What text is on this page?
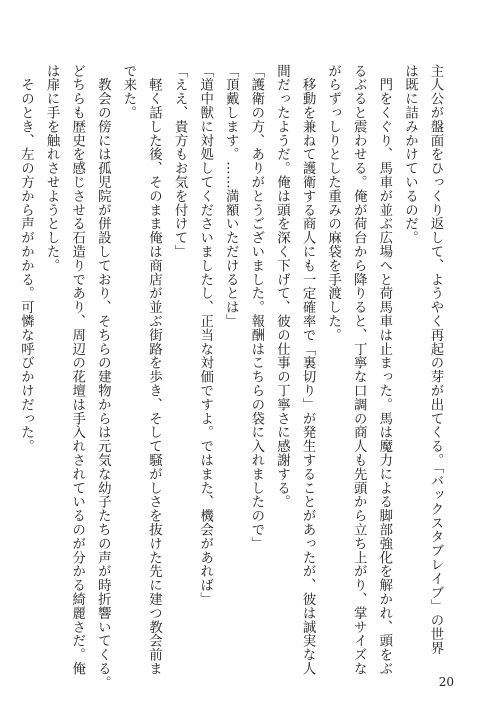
主人公が盤面をひっくり返して、ようやく再起の芽が出てくる。「バックスタブレイブ」の世界

は既に詰みかけているのだ。

　門をくぐり、馬車が並ぶ広場へと荷馬車は止まった。馬は魔力による脚部強化を解かれ、頭をぶ

るぶると震わせる。俺が荷台から降りると、丁寧な口調の商人も先頭から立ち上がり、掌サイズな

がらずっしりとした重みの麻袋を手渡した。

　移動を兼ねて護衛する商人にも一定確率で「裏切り」が発生することがあったが、彼は誠実な人

間だったようだ。俺は頭を深く下げて、彼の仕事の丁寧さに感謝する。

「護衛の方、ありがとうございました。報酬はこちらの袋に入れましたので」

「頂戴します。……満額いただけるとは」

「道中獣に対処してくださいましたし、正当な対価ですよ。ではまた、機会があれば」

「ええ、貴方もお気を付けて」

　軽く話した後、そのまま俺は商店が並ぶ街路を歩き、そして騒がしさを抜けた先に建つ教会前ま

で来た。

　教会の傍には孤児院が併設しており、そちらの建物からは元気な幼子たちの声が時折響いてくる。

どちらも歴史を感じさせる石造りであり、周辺の花壇は手入れされているのが分かる綺麗さだ。俺

は扉に手を触れさせようとした。

　そのとき、左の方から声がかかる。可憐な呼びかけだった。

20
